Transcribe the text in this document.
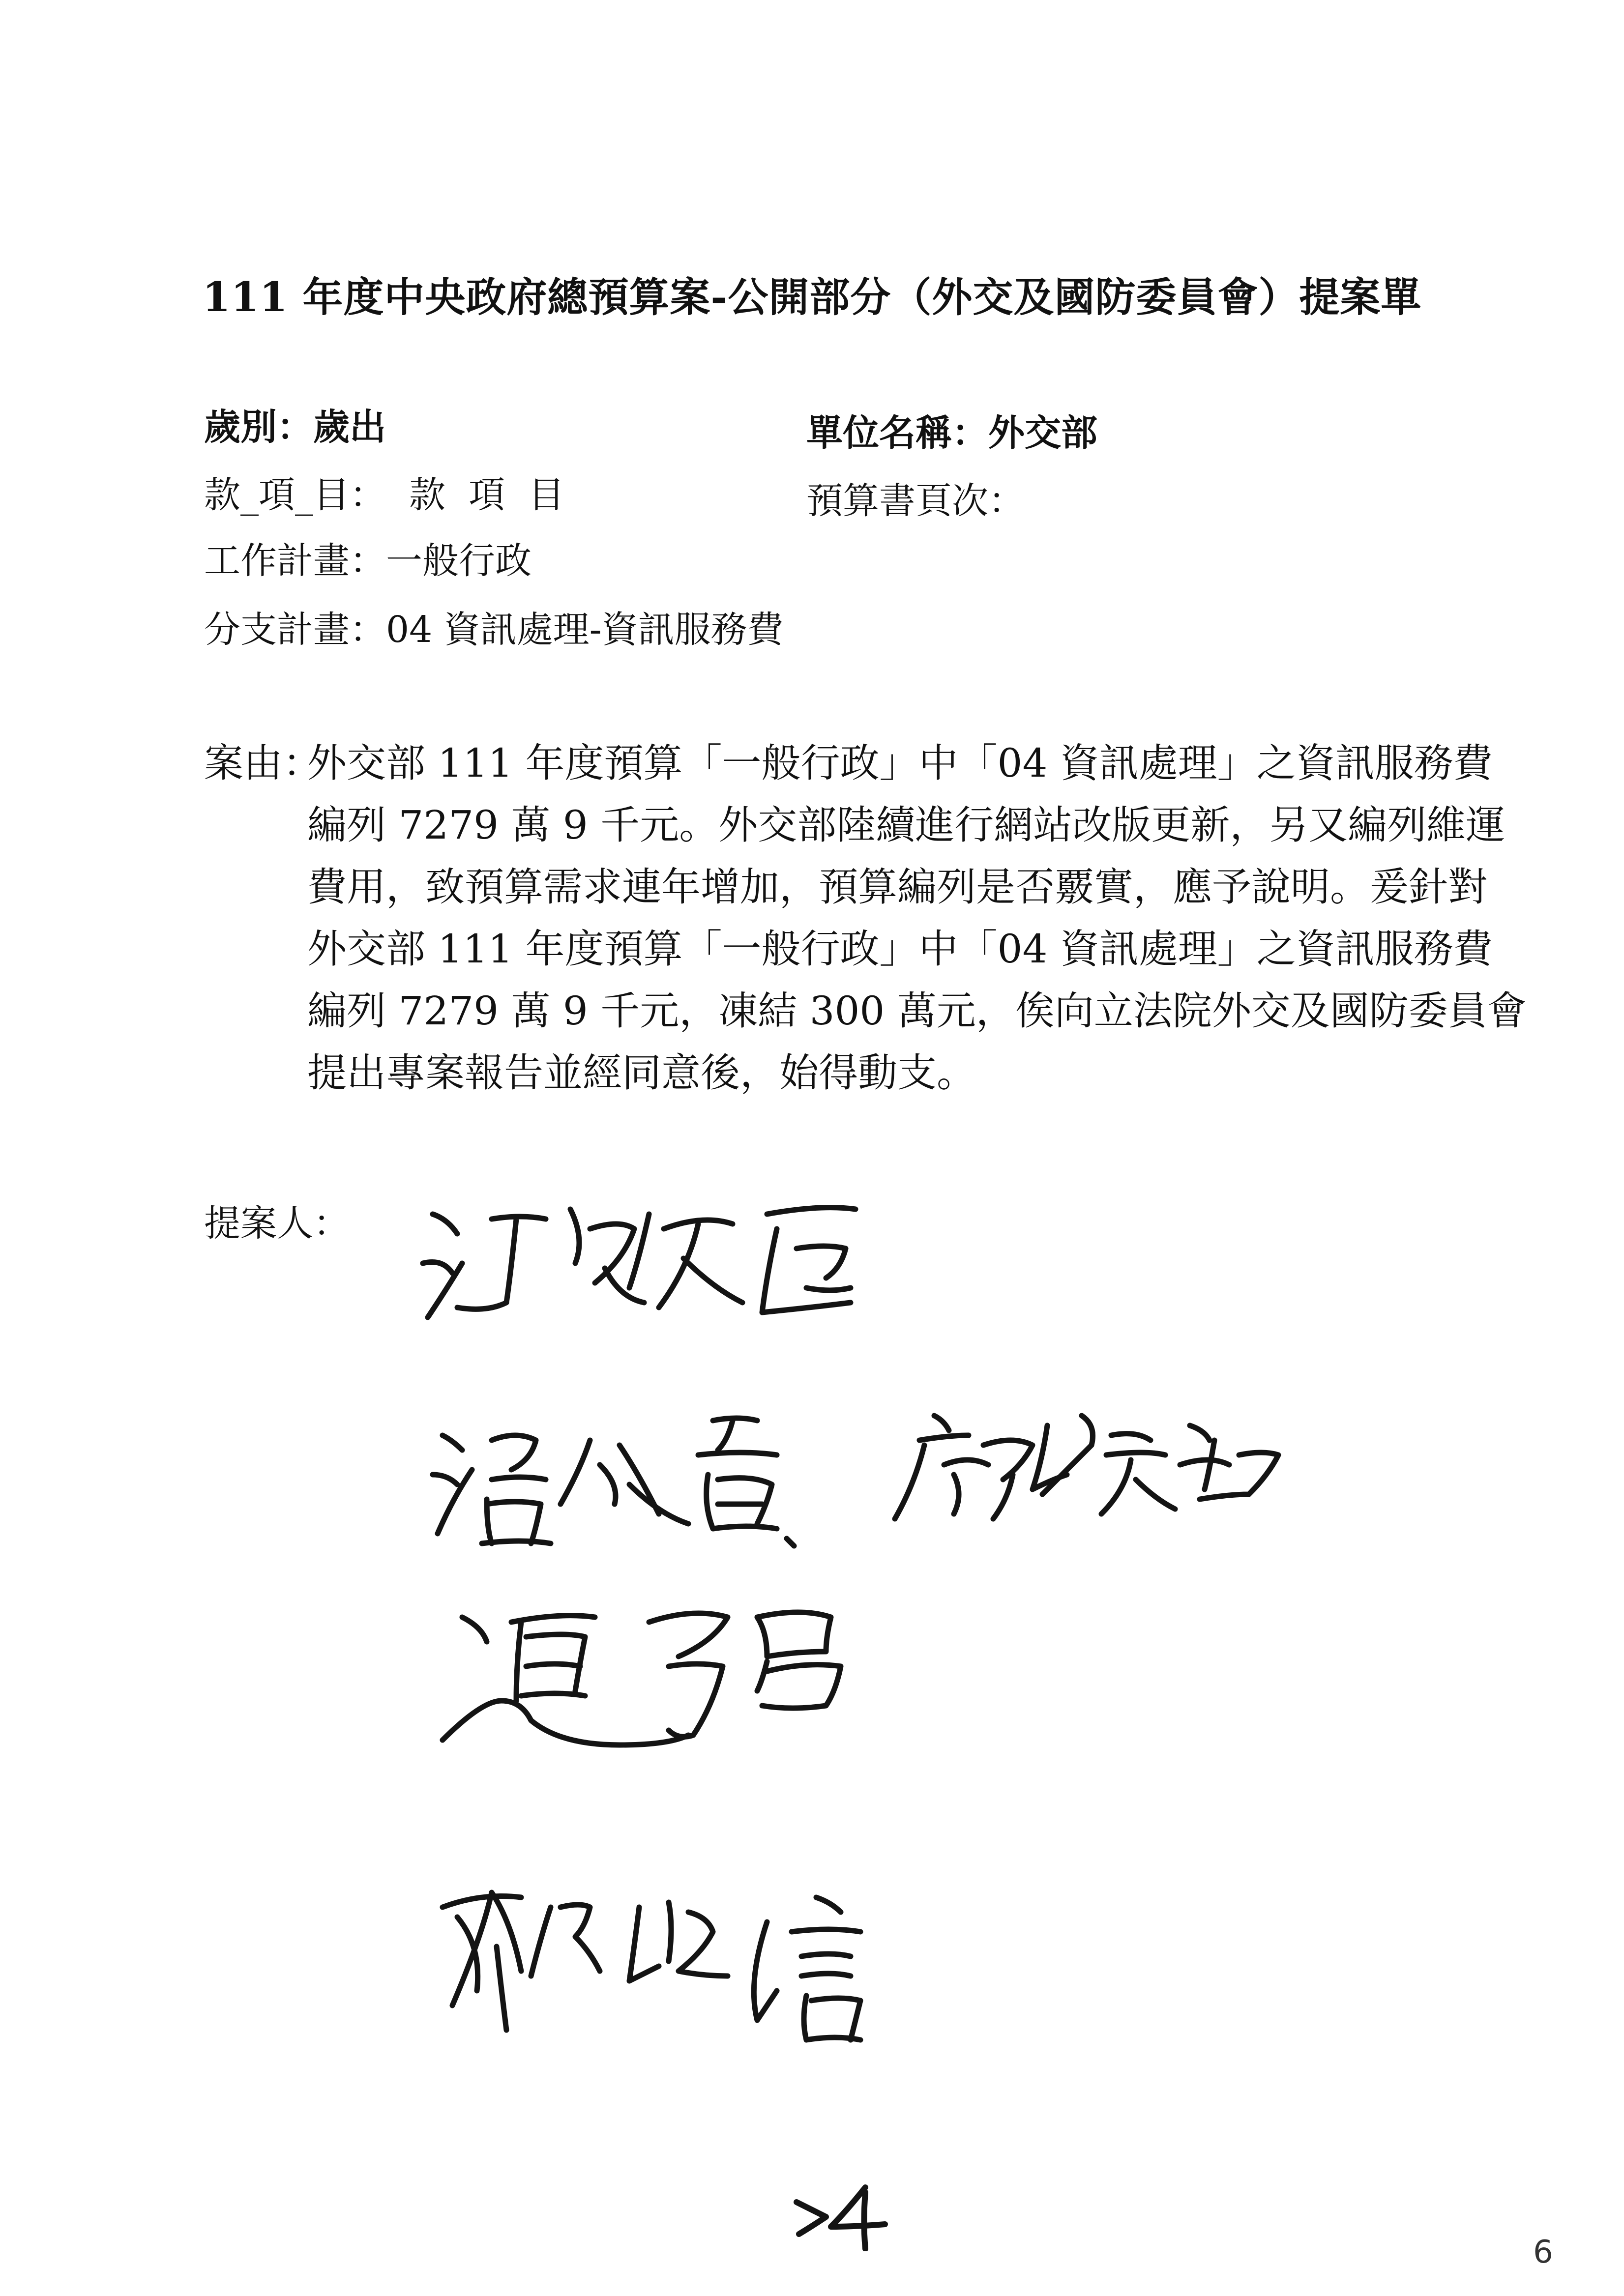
111 年度中央政府總預算案-公開部分（外交及國防委員會）提案單
歲別：歲出	單位名稱：外交部
款_項_目：  款  項  目	預算書頁次：
工作計畫：一般行政
分支計畫：04 資訊處理-資訊服務費
案由：
外交部 111 年度預算「一般行政」中「04 資訊處理」之資訊服務費
編列 7279 萬 9 千元。外交部陸續進行網站改版更新，另又編列維運
費用，致預算需求連年增加，預算編列是否覈實，應予說明。爰針對
外交部 111 年度預算「一般行政」中「04 資訊處理」之資訊服務費
編列 7279 萬 9 千元，凍結 300 萬元，俟向立法院外交及國防委員會
提出專案報告並經同意後，始得動支。
提案人：
6
